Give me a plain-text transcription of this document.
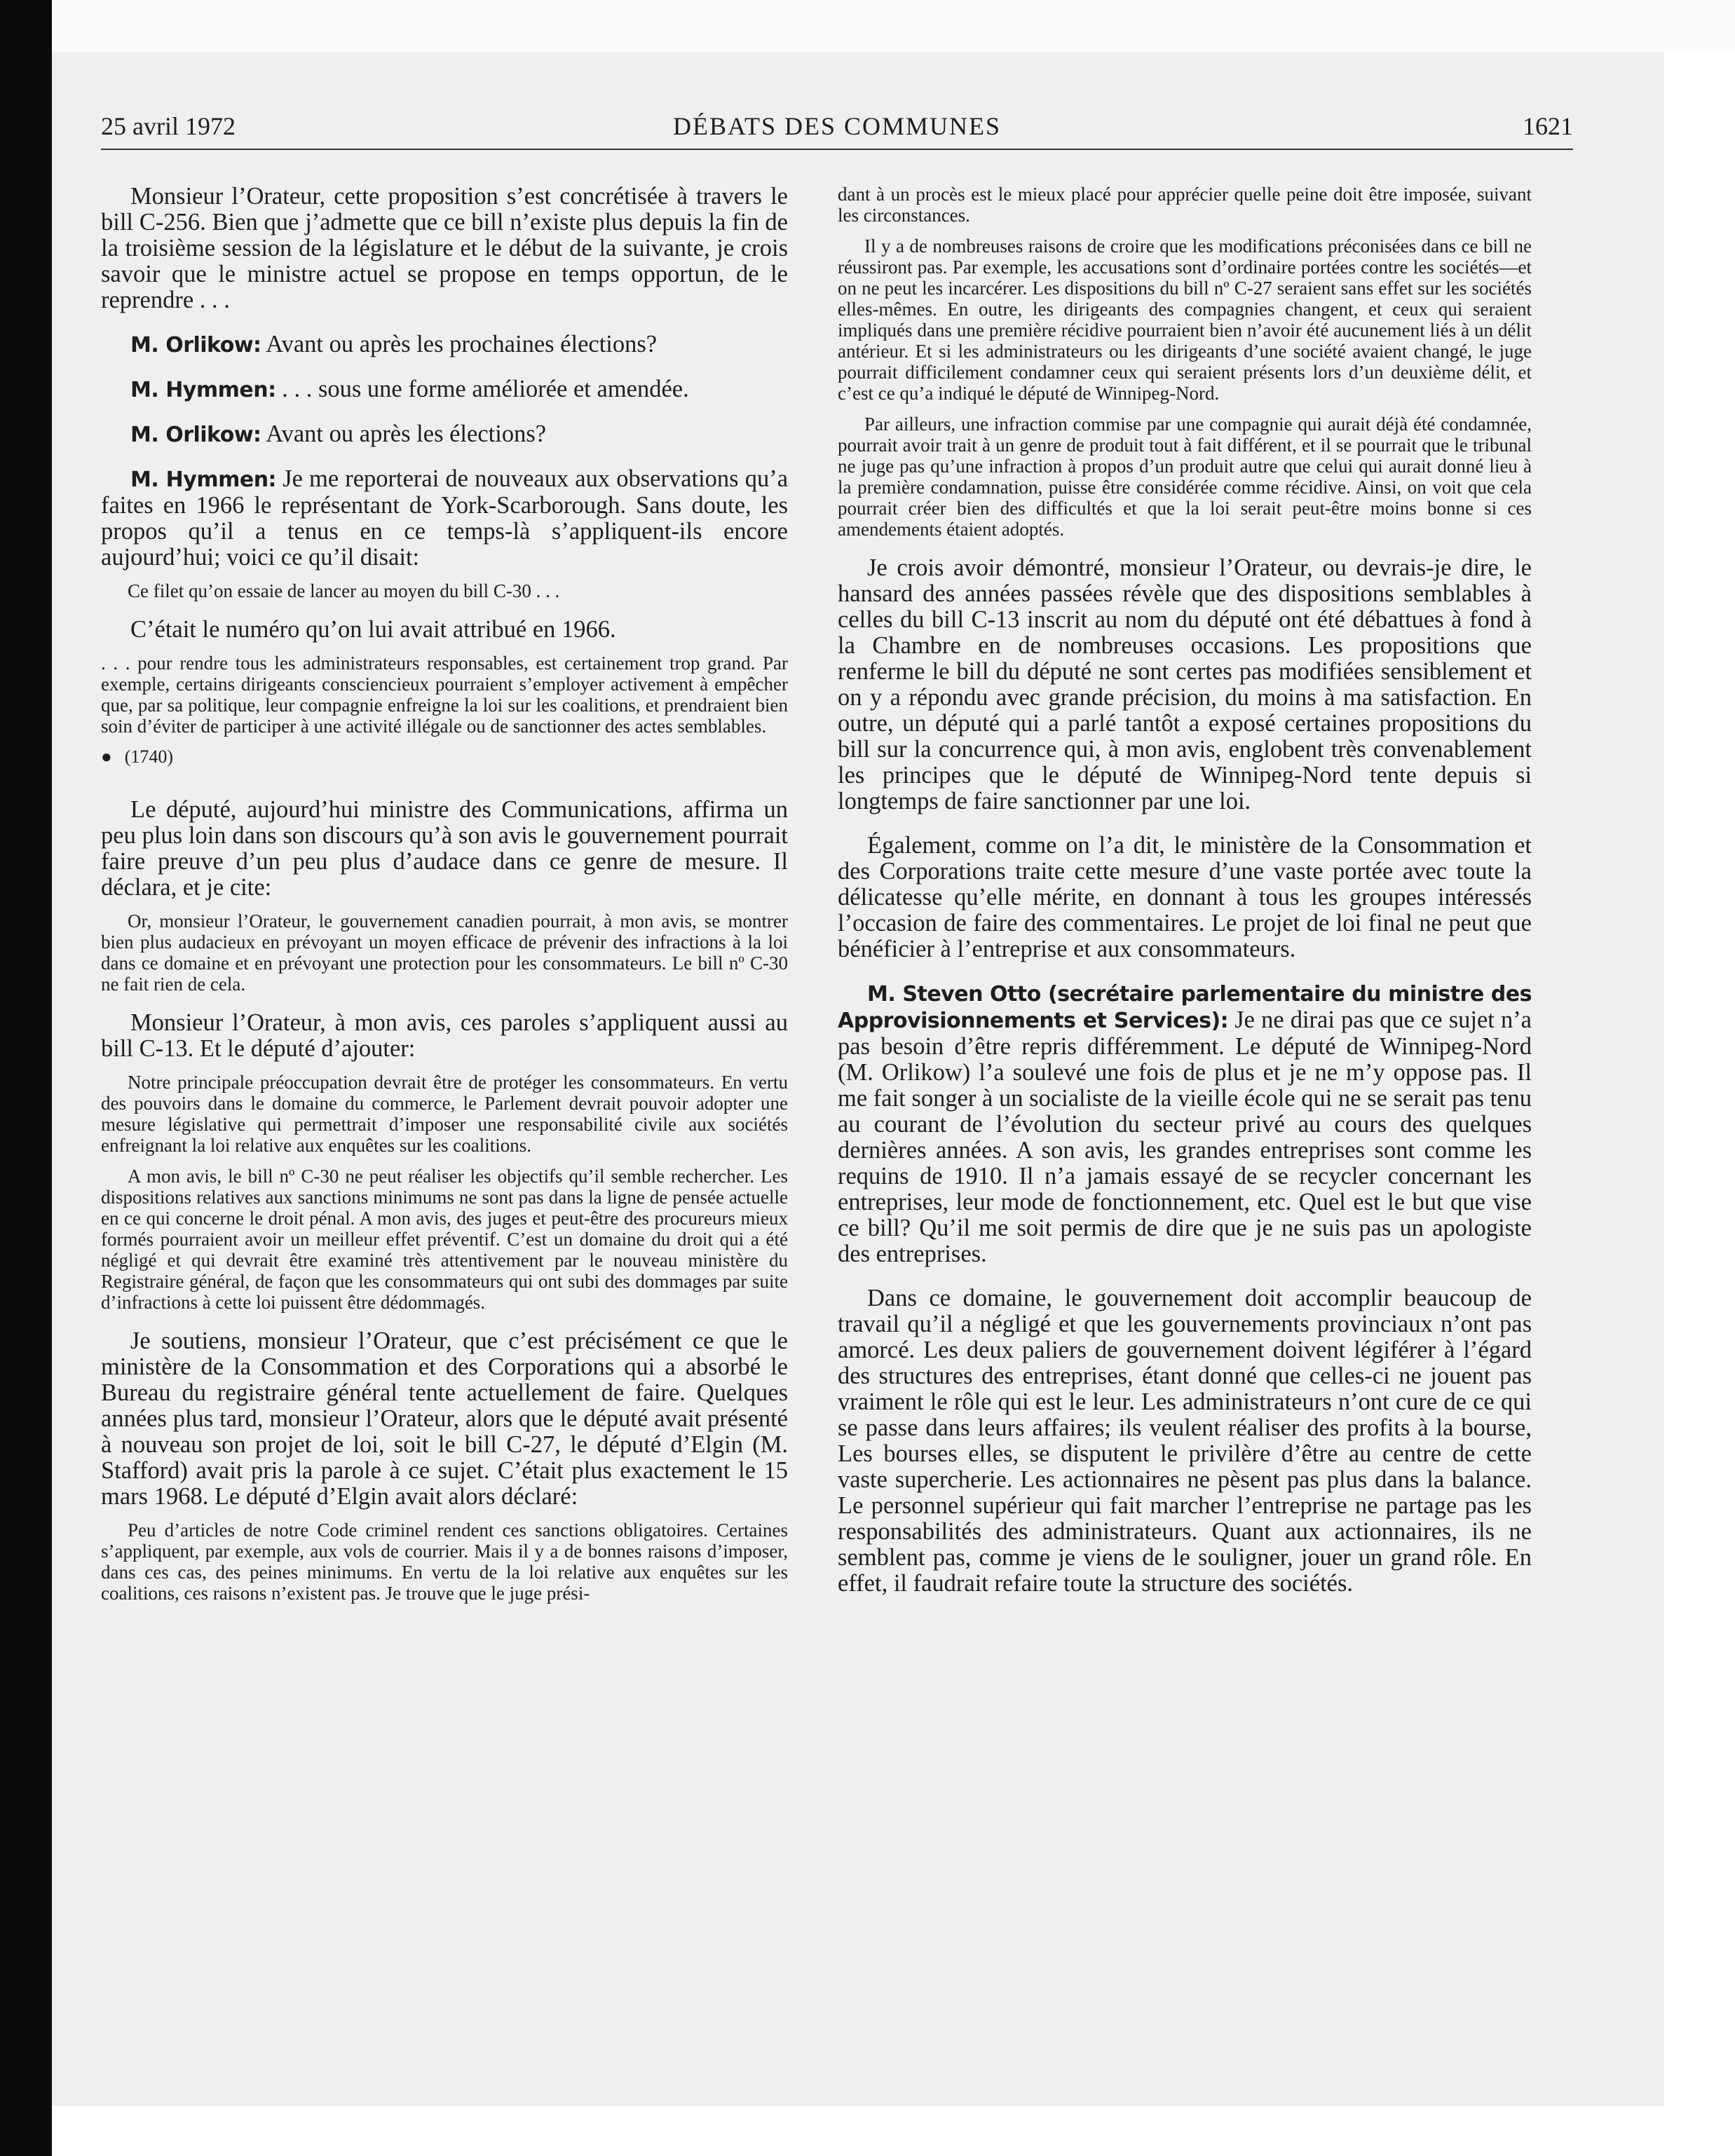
25 avril 1972	DÉBATS DES COMMUNES	1621

Monsieur l’Orateur, cette proposition s’est concrétisée à travers le bill C-256. Bien que j’admette que ce bill n’existe plus depuis la fin de la troisième session de la législature et le début de la suivante, je crois savoir que le ministre actuel se propose en temps opportun, de le reprendre . . .

M. Orlikow: Avant ou après les prochaines élections?

M. Hymmen: . . . sous une forme améliorée et amendée.

M. Orlikow: Avant ou après les élections?

M. Hymmen: Je me reporterai de nouveaux aux observations qu’a faites en 1966 le représentant de York-Scarborough. Sans doute, les propos qu’il a tenus en ce temps-là s’appliquent-ils encore aujourd’hui; voici ce qu’il disait:

Ce filet qu’on essaie de lancer au moyen du bill C-30 . . .

C’était le numéro qu’on lui avait attribué en 1966.

. . . pour rendre tous les administrateurs responsables, est certainement trop grand. Par exemple, certains dirigeants consciencieux pourraient s’employer activement à empêcher que, par sa politique, leur compagnie enfreigne la loi sur les coalitions, et prendraient bien soin d’éviter de participer à une activité illégale ou de sanctionner des actes semblables.

● (1740)

Le député, aujourd’hui ministre des Communications, affirma un peu plus loin dans son discours qu’à son avis le gouvernement pourrait faire preuve d’un peu plus d’audace dans ce genre de mesure. Il déclara, et je cite:

Or, monsieur l’Orateur, le gouvernement canadien pourrait, à mon avis, se montrer bien plus audacieux en prévoyant un moyen efficace de prévenir des infractions à la loi dans ce domaine et en prévoyant une protection pour les consommateurs. Le bill nº C-30 ne fait rien de cela.

Monsieur l’Orateur, à mon avis, ces paroles s’appliquent aussi au bill C-13. Et le député d’ajouter:

Notre principale préoccupation devrait être de protéger les consommateurs. En vertu des pouvoirs dans le domaine du commerce, le Parlement devrait pouvoir adopter une mesure législative qui permettrait d’imposer une responsabilité civile aux sociétés enfreignant la loi relative aux enquêtes sur les coalitions.

A mon avis, le bill nº C-30 ne peut réaliser les objectifs qu’il semble rechercher. Les dispositions relatives aux sanctions minimums ne sont pas dans la ligne de pensée actuelle en ce qui concerne le droit pénal. A mon avis, des juges et peut-être des procureurs mieux formés pourraient avoir un meilleur effet préventif. C’est un domaine du droit qui a été négligé et qui devrait être examiné très attentivement par le nouveau ministère du Registraire général, de façon que les consommateurs qui ont subi des dommages par suite d’infractions à cette loi puissent être dédommagés.

Je soutiens, monsieur l’Orateur, que c’est précisément ce que le ministère de la Consommation et des Corporations qui a absorbé le Bureau du registraire général tente actuellement de faire. Quelques années plus tard, monsieur l’Orateur, alors que le député avait présenté à nouveau son projet de loi, soit le bill C-27, le député d’Elgin (M. Stafford) avait pris la parole à ce sujet. C’était plus exactement le 15 mars 1968. Le député d’Elgin avait alors déclaré:

Peu d’articles de notre Code criminel rendent ces sanctions obligatoires. Certaines s’appliquent, par exemple, aux vols de courrier. Mais il y a de bonnes raisons d’imposer, dans ces cas, des peines minimums. En vertu de la loi relative aux enquêtes sur les coalitions, ces raisons n’existent pas. Je trouve que le juge prési-

dant à un procès est le mieux placé pour apprécier quelle peine doit être imposée, suivant les circonstances.

Il y a de nombreuses raisons de croire que les modifications préconisées dans ce bill ne réussiront pas. Par exemple, les accusations sont d’ordinaire portées contre les sociétés—et on ne peut les incarcérer. Les dispositions du bill nº C-27 seraient sans effet sur les sociétés elles-mêmes. En outre, les dirigeants des compagnies changent, et ceux qui seraient impliqués dans une première récidive pourraient bien n’avoir été aucunement liés à un délit antérieur. Et si les administrateurs ou les dirigeants d’une société avaient changé, le juge pourrait difficilement condamner ceux qui seraient présents lors d’un deuxième délit, et c’est ce qu’a indiqué le député de Winnipeg-Nord.

Par ailleurs, une infraction commise par une compagnie qui aurait déjà été condamnée, pourrait avoir trait à un genre de produit tout à fait différent, et il se pourrait que le tribunal ne juge pas qu’une infraction à propos d’un produit autre que celui qui aurait donné lieu à la première condamnation, puisse être considérée comme récidive. Ainsi, on voit que cela pourrait créer bien des difficultés et que la loi serait peut-être moins bonne si ces amendements étaient adoptés.

Je crois avoir démontré, monsieur l’Orateur, ou devrais-je dire, le hansard des années passées révèle que des dispositions semblables à celles du bill C-13 inscrit au nom du député ont été débattues à fond à la Chambre en de nombreuses occasions. Les propositions que renferme le bill du député ne sont certes pas modifiées sensiblement et on y a répondu avec grande précision, du moins à ma satisfaction. En outre, un député qui a parlé tantôt a exposé certaines propositions du bill sur la concurrence qui, à mon avis, englobent très convenablement les principes que le député de Winnipeg-Nord tente depuis si longtemps de faire sanctionner par une loi.

Également, comme on l’a dit, le ministère de la Consommation et des Corporations traite cette mesure d’une vaste portée avec toute la délicatesse qu’elle mérite, en donnant à tous les groupes intéressés l’occasion de faire des commentaires. Le projet de loi final ne peut que bénéficier à l’entreprise et aux consommateurs.

M. Steven Otto (secrétaire parlementaire du ministre des Approvisionnements et Services): Je ne dirai pas que ce sujet n’a pas besoin d’être repris différemment. Le député de Winnipeg-Nord (M. Orlikow) l’a soulevé une fois de plus et je ne m’y oppose pas. Il me fait songer à un socialiste de la vieille école qui ne se serait pas tenu au courant de l’évolution du secteur privé au cours des quelques dernières années. A son avis, les grandes entreprises sont comme les requins de 1910. Il n’a jamais essayé de se recycler concernant les entreprises, leur mode de fonctionnement, etc. Quel est le but que vise ce bill? Qu’il me soit permis de dire que je ne suis pas un apologiste des entreprises.

Dans ce domaine, le gouvernement doit accomplir beaucoup de travail qu’il a négligé et que les gouvernements provinciaux n’ont pas amorcé. Les deux paliers de gouvernement doivent légiférer à l’égard des structures des entreprises, étant donné que celles-ci ne jouent pas vraiment le rôle qui est le leur. Les administrateurs n’ont cure de ce qui se passe dans leurs affaires; ils veulent réaliser des profits à la bourse, Les bourses elles, se disputent le privilère d’être au centre de cette vaste supercherie. Les actionnaires ne pèsent pas plus dans la balance. Le personnel supérieur qui fait marcher l’entreprise ne partage pas les responsabilités des administrateurs. Quant aux actionnaires, ils ne semblent pas, comme je viens de le souligner, jouer un grand rôle. En effet, il faudrait refaire toute la structure des sociétés.
